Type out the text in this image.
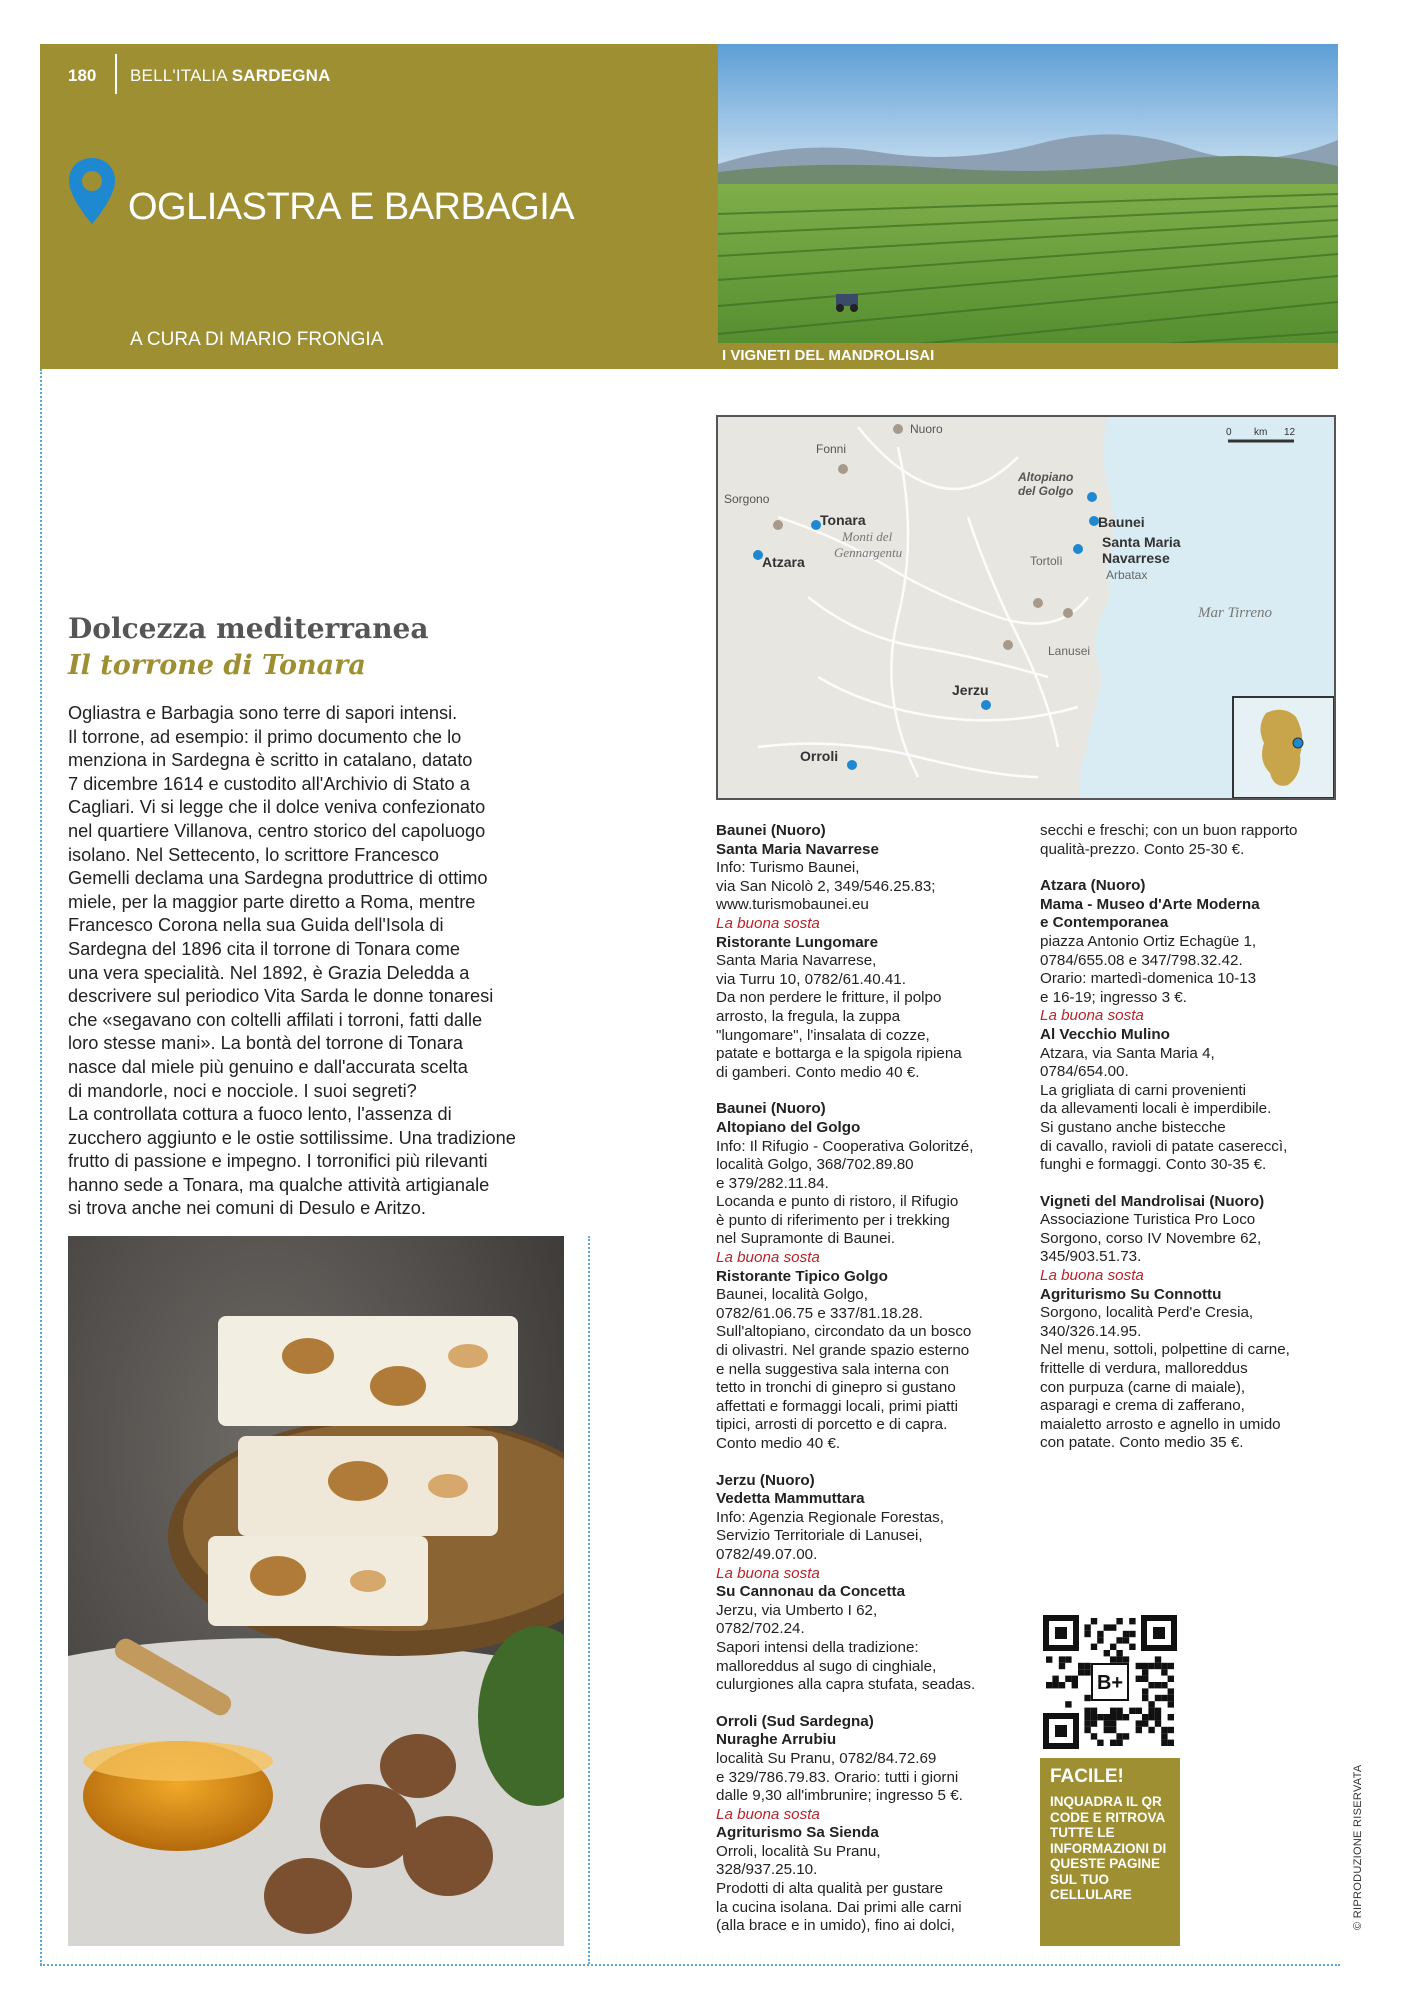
180 BELL'ITALIA SARDEGNA
OGLIASTRA E BARBAGIA
A CURA DI MARIO FRONGIA
I VIGNETI DEL MANDROLISAI
Dolcezza mediterranea
Il torrone di Tonara

Ogliastra e Barbagia sono terre di sapori intensi.

Il torrone, ad esempio: il primo documento che lo

menziona in Sardegna è scritto in catalano, datato

7 dicembre 1614 e custodito all'Archivio di Stato a

Cagliari. Vi si legge che il dolce veniva confezionato

nel quartiere Villanova, centro storico del capoluogo

isolano. Nel Settecento, lo scrittore Francesco

Gemelli declama una Sardegna produttrice di ottimo

miele, per la maggior parte diretto a Roma, mentre

Francesco Corona nella sua Guida dell'Isola di

Sardegna del 1896 cita il torrone di Tonara come

una vera specialità. Nel 1892, è Grazia Deledda a

descrivere sul periodico Vita Sarda le donne tonaresi

che «segavano con coltelli affilati i torroni, fatti dalle

loro stesse mani». La bontà del torrone di Tonara

nasce dal miele più genuino e dall'accurata scelta

di mandorle, noci e nocciole. I suoi segreti?

La controllata cottura a fuoco lento, l'assenza di

zucchero aggiunto e le ostie sottilissime. Una tradizione

frutto di passione e impegno. I torronifici più rilevanti

hanno sede a Tonara, ma qualche attività artigianale

si trova anche nei comuni di Desulo e Aritzo.

Nuoro
Fonni
Sorgono
Lanusei
Tortolì
Arbatax
Tonara
Atzara
Baunei
Santa Maria
Navarrese
Jerzu
Orroli
Altopiano
del Golgo
Monti del
Gennargentu
Mar Tirreno
0 km 12
Baunei (Nuoro)
Santa Maria Navarrese
Info: Turismo Baunei,
via San Nicolò 2, 349/546.25.83;
www.turismobaunei.eu
La buona sosta
Ristorante Lungomare
Santa Maria Navarrese,
via Turru 10, 0782/61.40.41.
Da non perdere le fritture, il polpo
arrosto, la fregula, la zuppa
"lungomare", l'insalata di cozze,
patate e bottarga e la spigola ripiena
di gamberi. Conto medio 40 €.
Baunei (Nuoro)
Altopiano del Golgo
Info: Il Rifugio - Cooperativa Goloritzé,
località Golgo, 368/702.89.80
e 379/282.11.84.
Locanda e punto di ristoro, il Rifugio
è punto di riferimento per i trekking
nel Supramonte di Baunei.
La buona sosta
Ristorante Tipico Golgo
Baunei, località Golgo,
0782/61.06.75 e 337/81.18.28.
Sull'altopiano, circondato da un bosco
di olivastri. Nel grande spazio esterno
e nella suggestiva sala interna con
tetto in tronchi di ginepro si gustano
affettati e formaggi locali, primi piatti
tipici, arrosti di porcetto e di capra.
Conto medio 40 €.
Jerzu (Nuoro)
Vedetta Mammuttara
Info: Agenzia Regionale Forestas,
Servizio Territoriale di Lanusei,
0782/49.07.00.
La buona sosta
Su Cannonau da Concetta
Jerzu, via Umberto I 62,
0782/702.24.
Sapori intensi della tradizione:
malloreddus al sugo di cinghiale,
culurgiones alla capra stufata, seadas.
Orroli (Sud Sardegna)
Nuraghe Arrubiu
località Su Pranu, 0782/84.72.69
e 329/786.79.83. Orario: tutti i giorni
dalle 9,30 all'imbrunire; ingresso 5 €.
La buona sosta
Agriturismo Sa Sienda
Orroli, località Su Pranu,
328/937.25.10.
Prodotti di alta qualità per gustare
la cucina isolana. Dai primi alle carni
(alla brace e in umido), fino ai dolci,
secchi e freschi; con un buon rapporto
qualità-prezzo. Conto 25-30 €.
Atzara (Nuoro)
Mama - Museo d'Arte Moderna
e Contemporanea
piazza Antonio Ortiz Echagüe 1,
0784/655.08 e 347/798.32.42.
Orario: martedì-domenica 10-13
e 16-19; ingresso 3 €.
La buona sosta
Al Vecchio Mulino
Atzara, via Santa Maria 4,
0784/654.00.
La grigliata di carni provenienti
da allevamenti locali è imperdibile.
Si gustano anche bistecche
di cavallo, ravioli di patate casereccì,
funghi e formaggi. Conto 30-35 €.
Vigneti del Mandrolisai (Nuoro)
Associazione Turistica Pro Loco
Sorgono, corso IV Novembre 62,
345/903.51.73.
La buona sosta
Agriturismo Su Connottu
Sorgono, località Perd'e Cresia,
340/326.14.95.
Nel menu, sottoli, polpettine di carne,
frittelle di verdura, malloreddus
con purpuza (carne di maiale),
asparagi e crema di zafferano,
maialetto arrosto e agnello in umido
con patate. Conto medio 35 €.
B+
FACILE!
INQUADRA IL QR CODE E RITROVA TUTTE LE INFORMAZIONI DI QUESTE PAGINE SUL TUO CELLULARE	© RIPRODUZIONE RISERVATA
